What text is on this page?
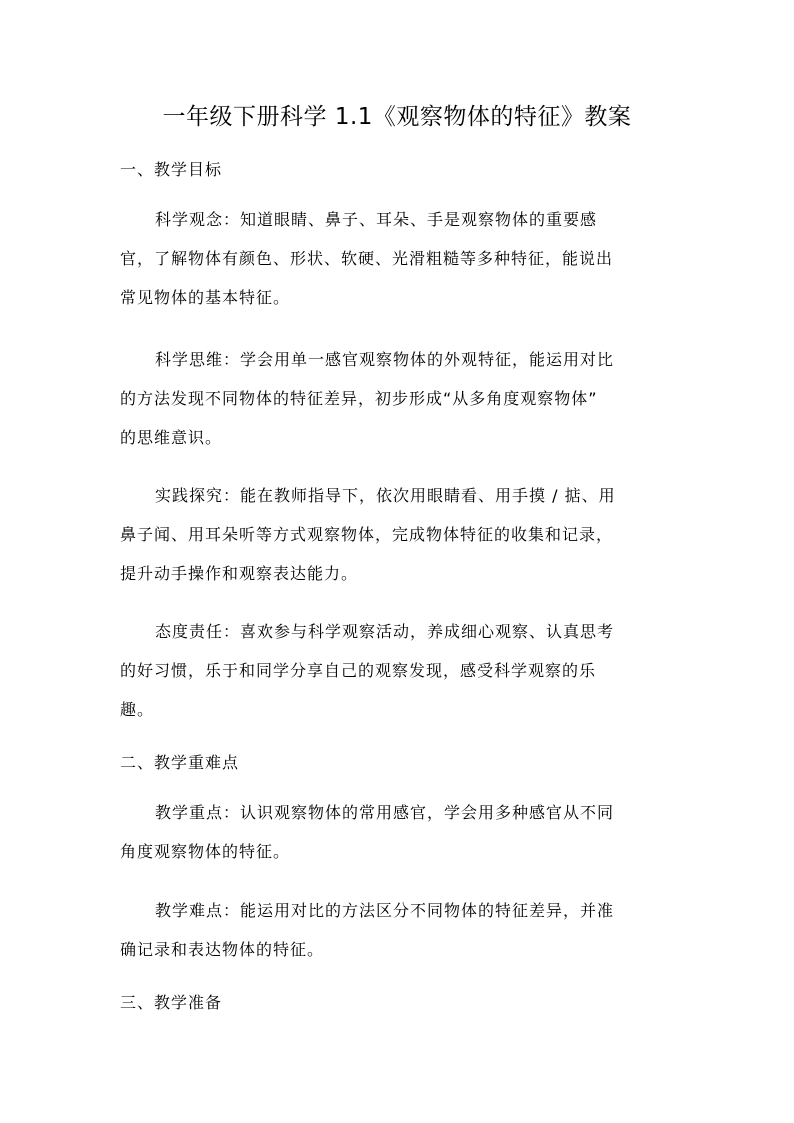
一年级下册科学 1.1《观察物体的特征》教案
一、教学目标
科学观念：知道眼睛、鼻子、耳朵、手是观察物体的重要感
官，了解物体有颜色、形状、软硬、光滑粗糙等多种特征，能说出
常见物体的基本特征。
科学思维：学会用单一感官观察物体的外观特征，能运用对比
的方法发现不同物体的特征差异，初步形成“从多角度观察物体”
的思维意识。
实践探究：能在教师指导下，依次用眼睛看、用手摸 / 掂、用
鼻子闻、用耳朵听等方式观察物体，完成物体特征的收集和记录，
提升动手操作和观察表达能力。
态度责任：喜欢参与科学观察活动，养成细心观察、认真思考
的好习惯，乐于和同学分享自己的观察发现，感受科学观察的乐
趣。
二、教学重难点
教学重点：认识观察物体的常用感官，学会用多种感官从不同
角度观察物体的特征。
教学难点：能运用对比的方法区分不同物体的特征差异，并准
确记录和表达物体的特征。
三、教学准备
